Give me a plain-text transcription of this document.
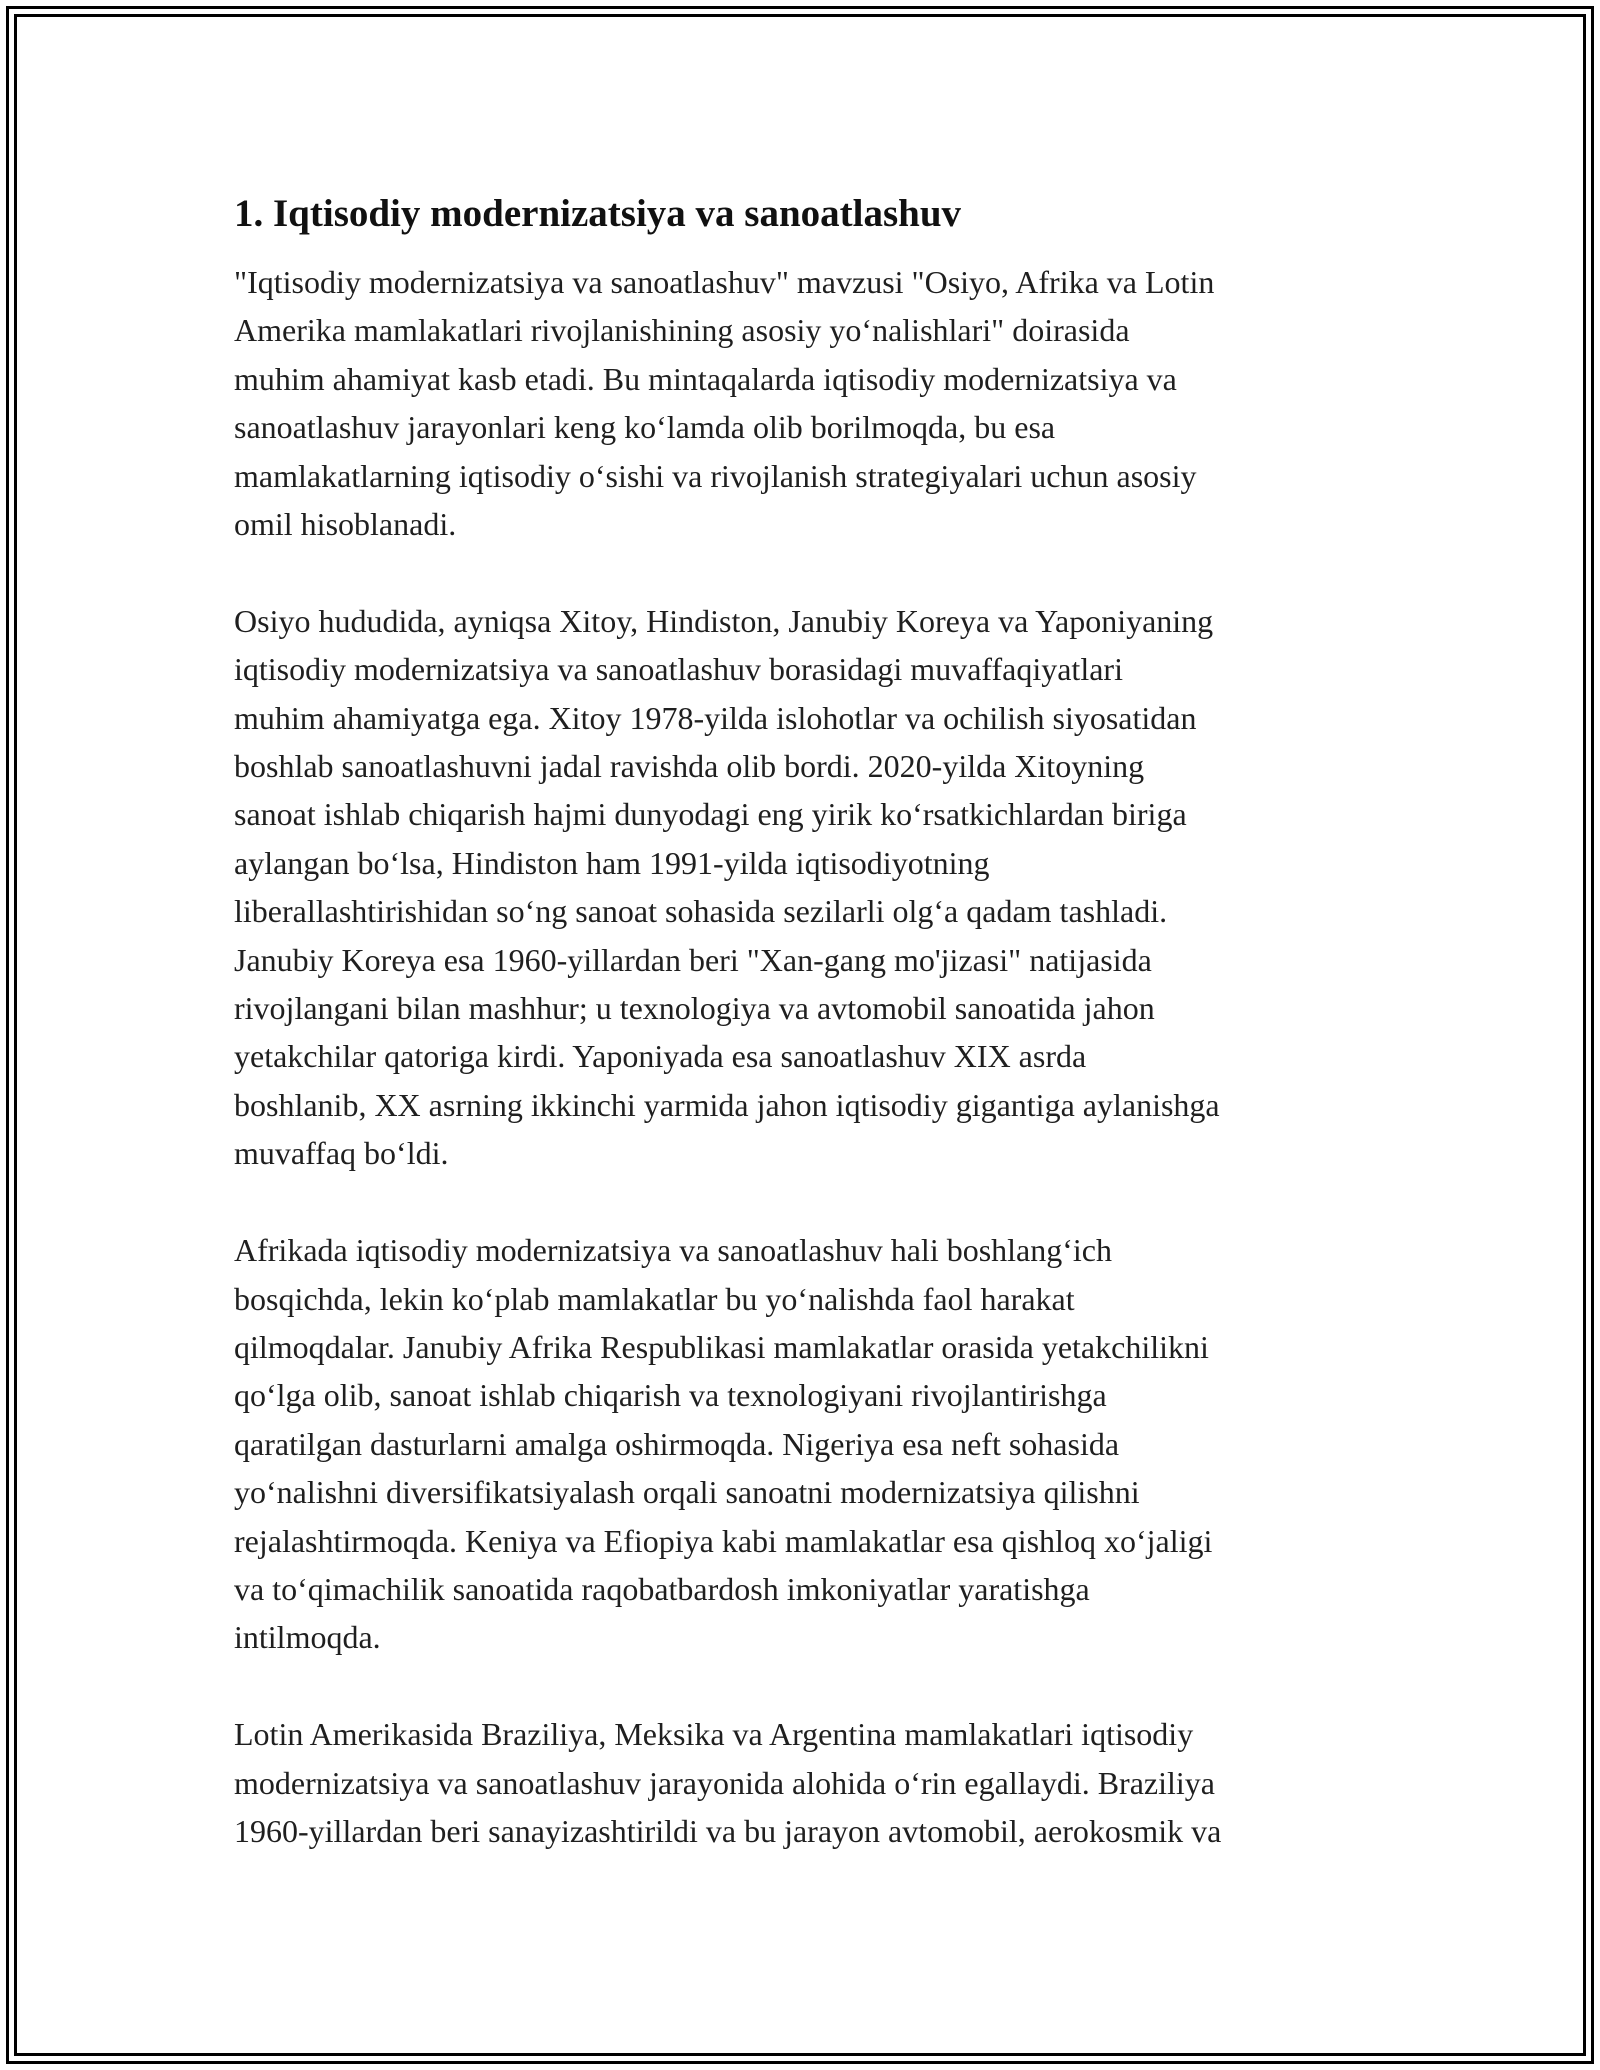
1. Iqtisodiy modernizatsiya va sanoatlashuv

"Iqtisodiy modernizatsiya va sanoatlashuv" mavzusi "Osiyo, Afrika va Lotin
Amerika mamlakatlari rivojlanishining asosiy yo‘nalishlari" doirasida
muhim ahamiyat kasb etadi. Bu mintaqalarda iqtisodiy modernizatsiya va
sanoatlashuv jarayonlari keng ko‘lamda olib borilmoqda, bu esa
mamlakatlarning iqtisodiy o‘sishi va rivojlanish strategiyalari uchun asosiy
omil hisoblanadi.

Osiyo hududida, ayniqsa Xitoy, Hindiston, Janubiy Koreya va Yaponiyaning
iqtisodiy modernizatsiya va sanoatlashuv borasidagi muvaffaqiyatlari
muhim ahamiyatga ega. Xitoy 1978-yilda islohotlar va ochilish siyosatidan
boshlab sanoatlashuvni jadal ravishda olib bordi. 2020-yilda Xitoyning
sanoat ishlab chiqarish hajmi dunyodagi eng yirik ko‘rsatkichlardan biriga
aylangan bo‘lsa, Hindiston ham 1991-yilda iqtisodiyotning
liberallashtirishidan so‘ng sanoat sohasida sezilarli olg‘a qadam tashladi.
Janubiy Koreya esa 1960-yillardan beri "Xan-gang mo'jizasi" natijasida
rivojlangani bilan mashhur; u texnologiya va avtomobil sanoatida jahon
yetakchilar qatoriga kirdi. Yaponiyada esa sanoatlashuv XIX asrda
boshlanib, XX asrning ikkinchi yarmida jahon iqtisodiy gigantiga aylanishga
muvaffaq bo‘ldi.

Afrikada iqtisodiy modernizatsiya va sanoatlashuv hali boshlang‘ich
bosqichda, lekin ko‘plab mamlakatlar bu yo‘nalishda faol harakat
qilmoqdalar. Janubiy Afrika Respublikasi mamlakatlar orasida yetakchilikni
qo‘lga olib, sanoat ishlab chiqarish va texnologiyani rivojlantirishga
qaratilgan dasturlarni amalga oshirmoqda. Nigeriya esa neft sohasida
yo‘nalishni diversifikatsiyalash orqali sanoatni modernizatsiya qilishni
rejalashtirmoqda. Keniya va Efiopiya kabi mamlakatlar esa qishloq xo‘jaligi
va to‘qimachilik sanoatida raqobatbardosh imkoniyatlar yaratishga
intilmoqda.

Lotin Amerikasida Braziliya, Meksika va Argentina mamlakatlari iqtisodiy
modernizatsiya va sanoatlashuv jarayonida alohida o‘rin egallaydi. Braziliya
1960-yillardan beri sanayizashtirildi va bu jarayon avtomobil, aerokosmik va
